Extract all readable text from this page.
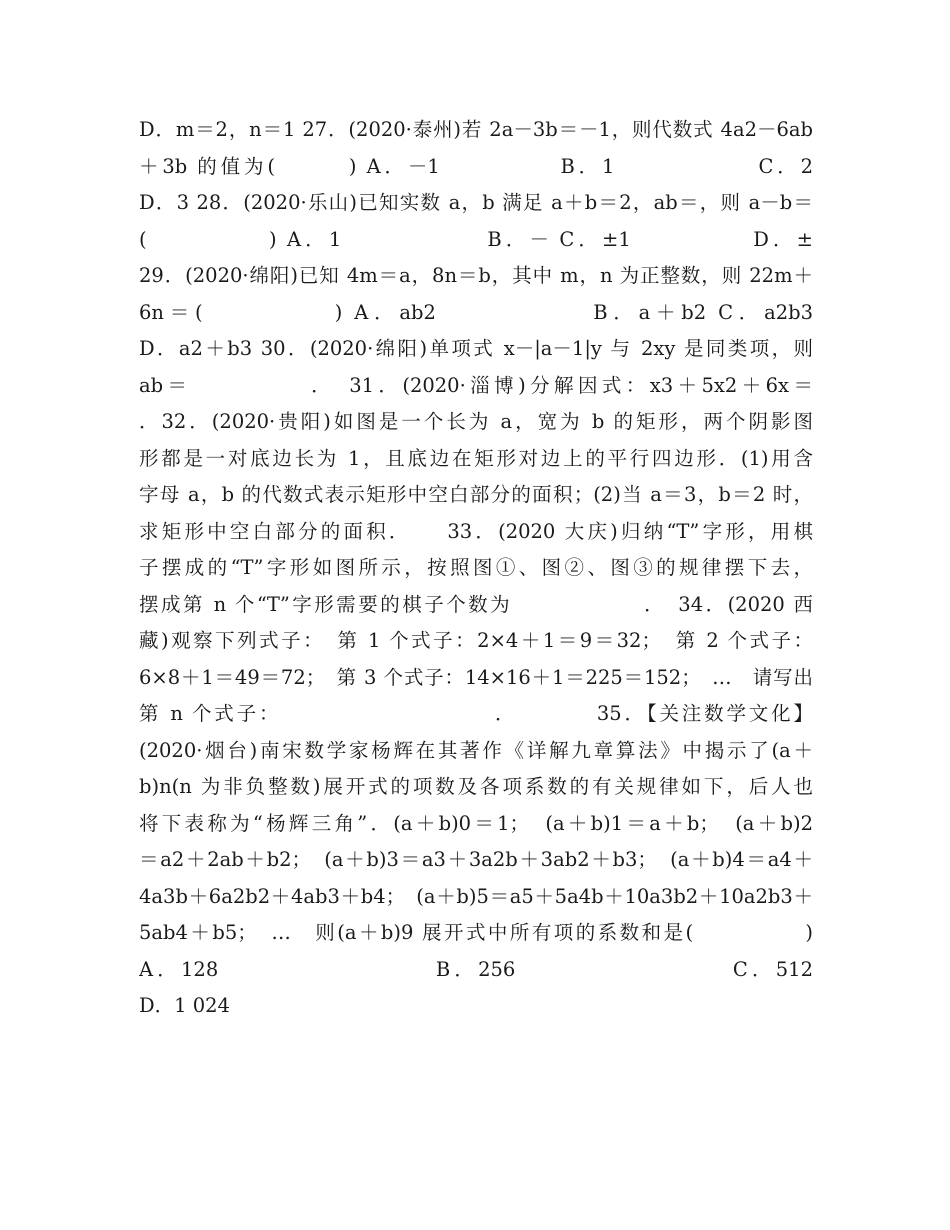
D．m＝2，n＝1 27．(2020·泰州)若 2a－3b＝－1，则代数式 4a2－6ab
＋3b 的值为(　　　) A．－1　　　　　B．1　　　　　　C．2
D．3 28．(2020·乐山)已知实数 a，b 满足 a＋b＝2，ab＝，则 a－b＝
(　　　　　) A．1　　　　　　B．－ C．±1　　　　　D．±
29．(2020·绵阳)已知 4m＝a，8n＝b，其中 m，n 为正整数，则 22m＋
6n＝(　　　　　) A．ab2　　　　　　B．a＋b2 C．a2b3
D．a2＋b3 30．(2020·绵阳)单项式 x－|a－1|y 与 2xy 是同类项，则
ab＝　　　　　．　31．(2020·淄博)分解因式：x3＋5x2＋6x＝
．32．(2020·贵阳)如图是一个长为 a，宽为 b 的矩形，两个阴影图
形都是一对底边长为 1，且底边在矩形对边上的平行四边形．(1)用含
字母 a，b 的代数式表示矩形中空白部分的面积；(2)当 a＝3，b＝2 时，
求矩形中空白部分的面积．　　33．(2020 大庆)归纳“T”字形，用棋
子摆成的“T”字形如图所示，按照图①、图②、图③的规律摆下去，
摆成第 n 个“T”字形需要的棋子个数为　　　　　　．　34．(2020 西
藏)观察下列式子：　第 1 个式子：2×4＋1＝9＝32；　第 2 个式子：
6×8＋1＝49＝72；　第 3 个式子：14×16＋1＝225＝152；　…　请写出
第 n 个式子：　　　　　　　　　　．　　　　35．【关注数学文化】
(2020·烟台)南宋数学家杨辉在其著作《详解九章算法》中揭示了(a＋
b)n(n 为非负整数)展开式的项数及各项系数的有关规律如下，后人也
将下表称为“杨辉三角”．(a＋b)0＝1；　(a＋b)1＝a＋b；　(a＋b)2
＝a2＋2ab＋b2；　(a＋b)3＝a3＋3a2b＋3ab2＋b3；　(a＋b)4＝a4＋
4a3b＋6a2b2＋4ab3＋b4；　(a＋b)5＝a5＋5a4b＋10a3b2＋10a2b3＋
5ab4＋b5；　…　则(a＋b)9 展开式中所有项的系数和是(　　　　　)
A．128　　　　　　　　　B．256　　　　　　　　　C．512
D．1 024
